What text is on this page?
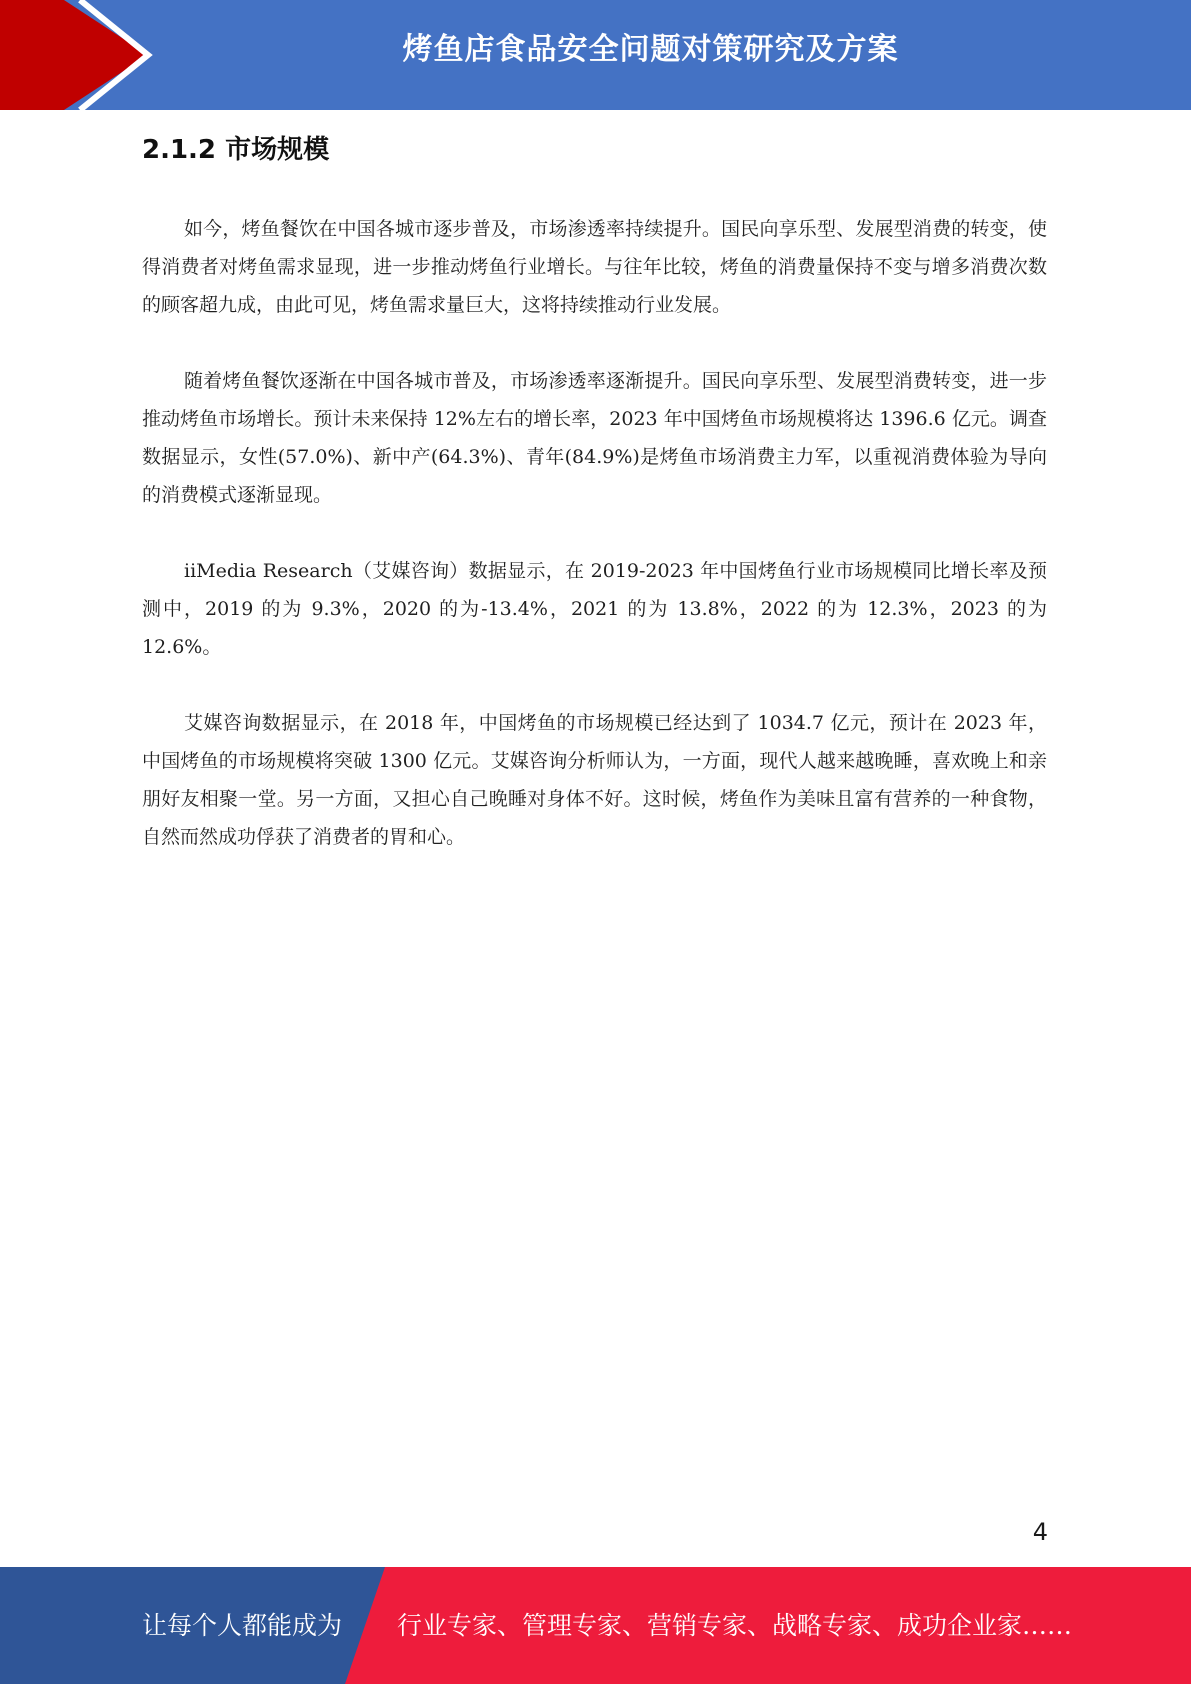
烤鱼店食品安全问题对策研究及方案
2.1.2 市场规模

如今，烤鱼餐饮在中国各城市逐步普及，市场渗透率持续提升。国民向享乐型、发展型消费的转变，使得消费者对烤鱼需求显现，进一步推动烤鱼行业增长。与往年比较，烤鱼的消费量保持不变与增多消费次数的顾客超九成，由此可见，烤鱼需求量巨大，这将持续推动行业发展。

随着烤鱼餐饮逐渐在中国各城市普及，市场渗透率逐渐提升。国民向享乐型、发展型消费转变，进一步推动烤鱼市场增长。预计未来保持 12%左右的增长率，2023 年中国烤鱼市场规模将达 1396.6 亿元。调查数据显示，女性(57.0%)、新中产(64.3%)、青年(84.9%)是烤鱼市场消费主力军，以重视消费体验为导向的消费模式逐渐显现。

iiMedia Research（艾媒咨询）数据显示，在 2019-2023 年中国烤鱼行业市场规模同比增长率及预测中，2019 的为 9.3%，2020 的为-13.4%，2021 的为 13.8%，2022 的为 12.3%，2023 的为 12.6%。

艾媒咨询数据显示，在 2018 年，中国烤鱼的市场规模已经达到了 1034.7 亿元，预计在 2023 年，中国烤鱼的市场规模将突破 1300 亿元。艾媒咨询分析师认为，一方面，现代人越来越晚睡，喜欢晚上和亲朋好友相聚一堂。另一方面，又担心自己晚睡对身体不好。这时候，烤鱼作为美味且富有营养的一种食物，自然而然成功俘获了消费者的胃和心。

4
让每个人都能成为 行业专家、管理专家、营销专家、战略专家、成功企业家……
